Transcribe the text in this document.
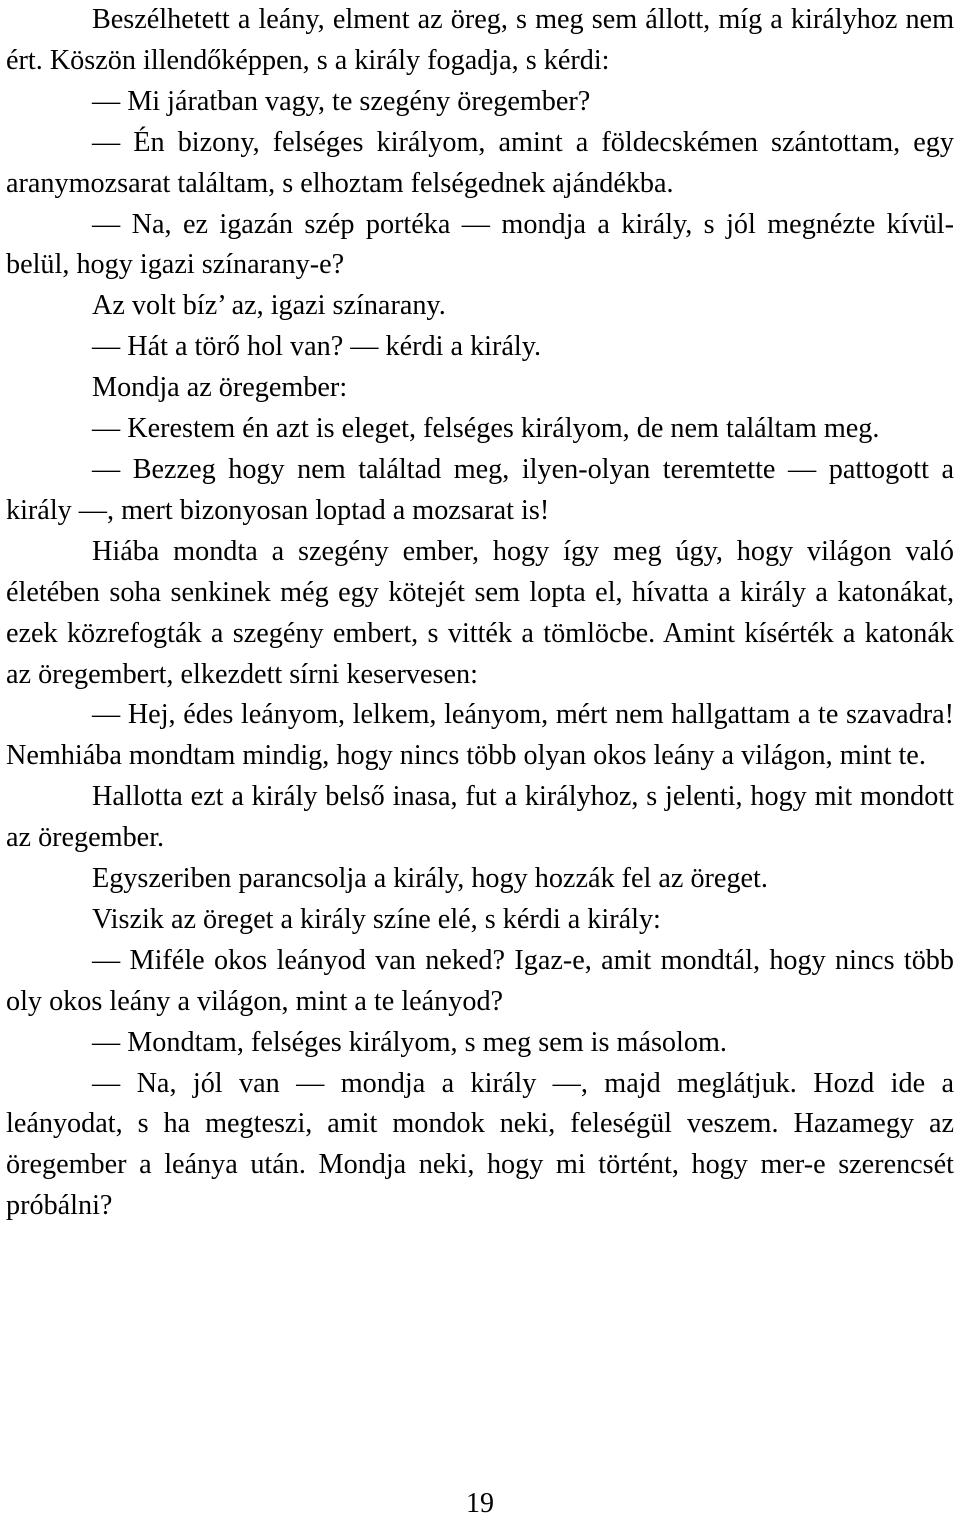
Beszélhetett a leány, elment az öreg, s meg sem állott, míg a királyhoz nem ért. Köszön illendőképpen, s a király fogadja, s kérdi:

— Mi járatban vagy, te szegény öregember?

— Én bizony, felséges királyom, amint a földecskémen szántottam, egy aranymozsarat találtam, s elhoztam felségednek ajándékba.

— Na, ez igazán szép portéka — mondja a király, s jól megnézte kívül-belül, hogy igazi színarany-e?

Az volt bíz’ az, igazi színarany.

— Hát a törő hol van? — kérdi a király.

Mondja az öregember:

— Kerestem én azt is eleget, felséges királyom, de nem találtam meg.

— Bezzeg hogy nem találtad meg, ilyen-olyan teremtette — pattogott a király —, mert bizonyosan loptad a mozsarat is!

Hiába mondta a szegény ember, hogy így meg úgy, hogy világon való életében soha senkinek még egy kötejét sem lopta el, hívatta a király a katonákat, ezek közrefogták a szegény embert, s vitték a tömlöcbe. Amint kísérték a katonák az öregembert, elkezdett sírni keservesen:

— Hej, édes leányom, lelkem, leányom, mért nem hallgattam a te szavadra! Nemhiába mondtam mindig, hogy nincs több olyan okos leány a világon, mint te.

Hallotta ezt a király belső inasa, fut a királyhoz, s jelenti, hogy mit mondott az öregember.

Egyszeriben parancsolja a király, hogy hozzák fel az öreget.

Viszik az öreget a király színe elé, s kérdi a király:

— Miféle okos leányod van neked? Igaz-e, amit mondtál, hogy nincs több oly okos leány a világon, mint a te leányod?

— Mondtam, felséges királyom, s meg sem is másolom.

— Na, jól van — mondja a király —, majd meglátjuk. Hozd ide a leányodat, s ha megteszi, amit mondok neki, feleségül veszem. Hazamegy az öregember a leánya után. Mondja neki, hogy mi történt, hogy mer-e szerencsét próbálni?

19
